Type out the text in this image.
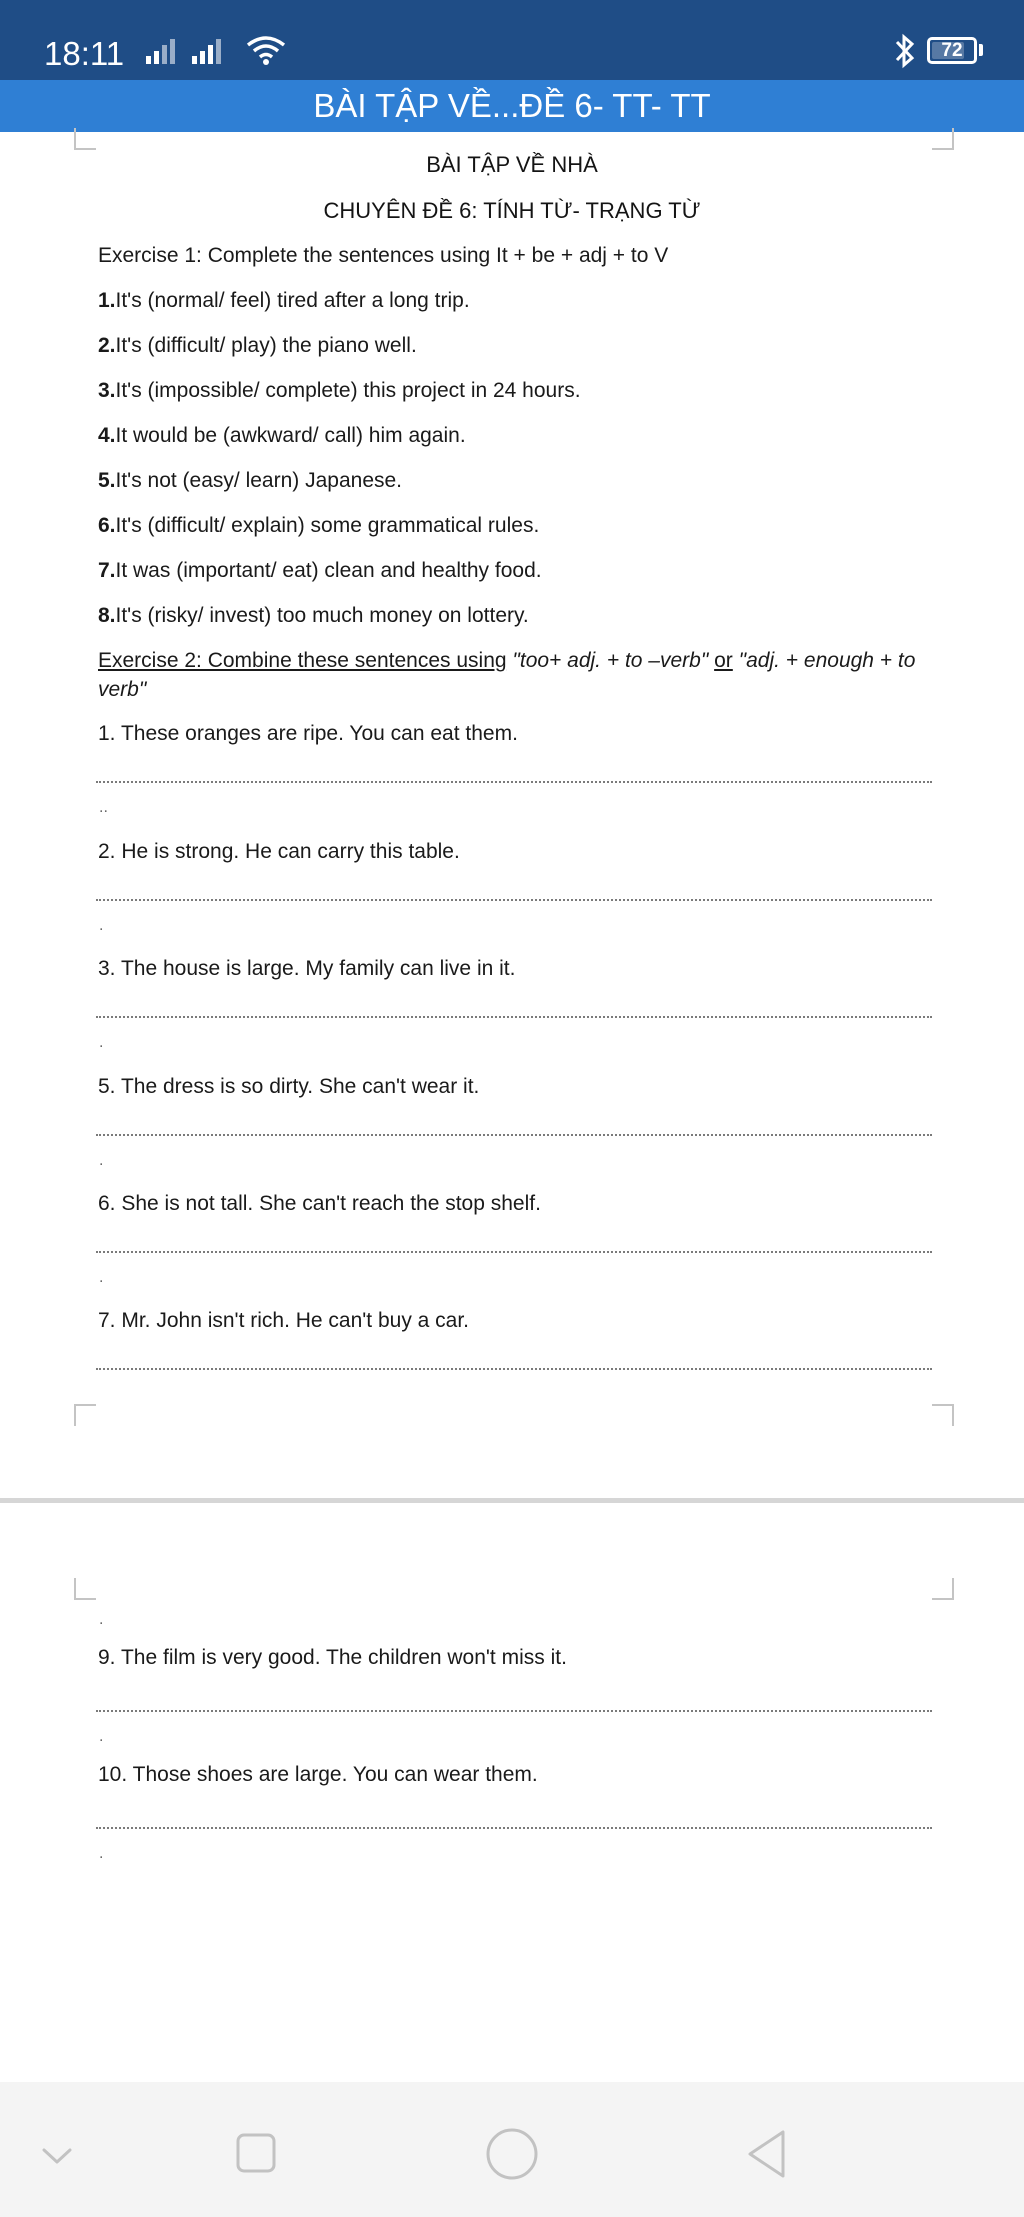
18:11	72
BÀI TẬP VỀ...ĐỀ 6- TT- TT
BÀI TẬP VỀ NHÀ
CHUYÊN ĐỀ 6: TÍNH TỪ- TRẠNG TỪ
Exercise 1: Complete the sentences using It + be + adj + to V
1.It's (normal/ feel) tired after a long trip.
2.It's (difficult/ play) the piano well.
3.It's (impossible/ complete) this project in 24 hours.
4.It would be (awkward/ call) him again.
5.It's not (easy/ learn) Japanese.
6.It's (difficult/ explain) some grammatical rules.
7.It was (important/ eat) clean and healthy food.
8.It's (risky/ invest) too much money on lottery.
Exercise 2: Combine these sentences using "too+ adj. + to –verb" or "adj. + enough + to verb"
1. These oranges are ripe. You can eat them.
..
2. He is strong. He can carry this table.
.
3. The house is large. My family can live in it.
.
5. The dress is so dirty. She can't wear it.
.
6. She is not tall. She can't reach the stop shelf.
.
7. Mr. John isn't rich. He can't buy a car.
.
9. The film is very good. The children won't miss it.
.
10. Those shoes are large. You can wear them.
.
